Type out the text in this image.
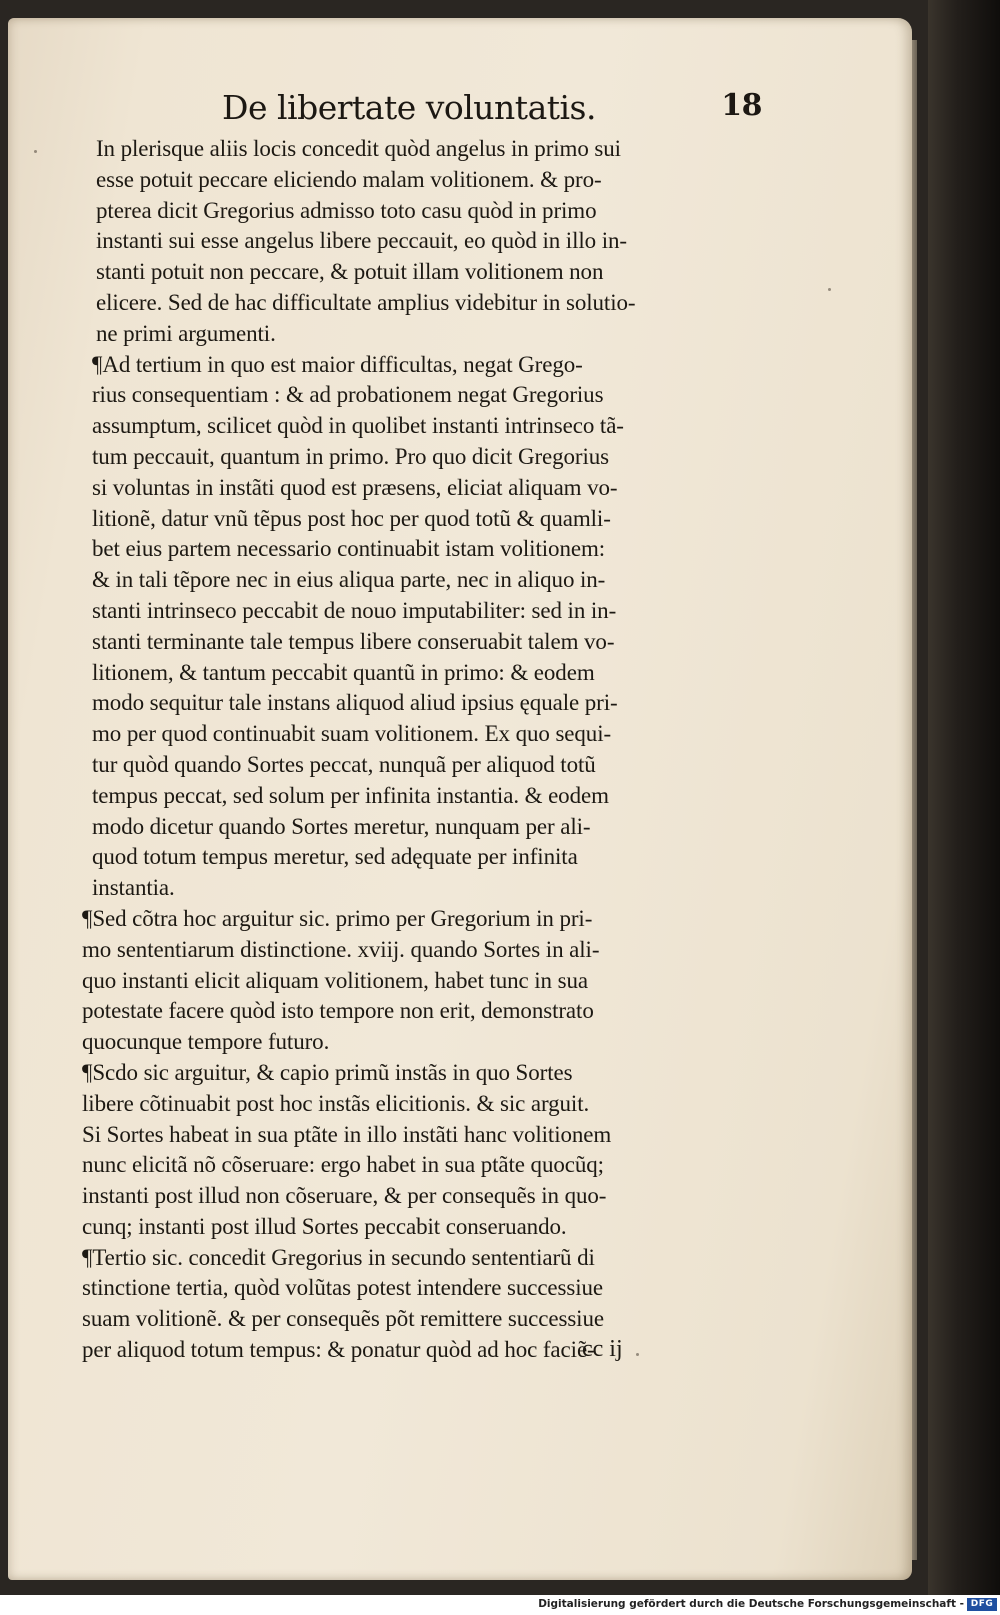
De libertate voluntatis.	18
In plerisque aliis locis concedit quòd angelus in primo sui
esse potuit peccare eliciendo malam volitionem. & pro-
pterea dicit Gregorius admisso toto casu quòd in primo
instanti sui esse angelus libere peccauit, eo quòd in illo in-
stanti potuit non peccare, & potuit illam volitionem non
elicere. Sed de hac difficultate amplius videbitur in solutio-
ne primi argumenti.
¶Ad tertium in quo est maior difficultas, negat Grego-
rius consequentiam : & ad probationem negat Gregorius
assumptum, scilicet quòd in quolibet instanti intrinseco tã-
tum peccauit, quantum in primo. Pro quo dicit Gregorius
si voluntas in instãti quod est præsens, eliciat aliquam vo-
litionẽ, datur vnũ tẽpus post hoc per quod totũ & quamli-
bet eius partem necessario continuabit istam volitionem:
& in tali tẽpore nec in eius aliqua parte, nec in aliquo in-
stanti intrinseco peccabit de nouo imputabiliter: sed in in-
stanti terminante tale tempus libere conseruabit talem vo-
litionem, & tantum peccabit quantũ in primo: & eodem
modo sequitur tale instans aliquod aliud ipsius ęquale pri-
mo per quod continuabit suam volitionem. Ex quo sequi-
tur quòd quando Sortes peccat, nunquã per aliquod totũ
tempus peccat, sed solum per infinita instantia. & eodem
modo dicetur quando Sortes meretur, nunquam per ali-
quod totum tempus meretur, sed adęquate per infinita
instantia.
¶Sed cõtra hoc arguitur sic. primo per Gregorium in pri-
mo sententiarum distinctione. xviij. quando Sortes in ali-
quo instanti elicit aliquam volitionem, habet tunc in sua
potestate facere quòd isto tempore non erit, demonstrato
quocunque tempore futuro.
¶Scdo sic arguitur, & capio primũ instãs in quo Sortes
libere cõtinuabit post hoc instãs elicitionis. & sic arguit.
Si Sortes habeat in sua ptãte in illo instãti hanc volitionem
nunc elicitã nõ cõseruare: ergo habet in sua ptãte quocũq;
instanti post illud non cõseruare, & per consequẽs in quo-
cunq; instanti post illud Sortes peccabit conseruando.
¶Tertio sic. concedit Gregorius in secundo sententiarũ di
stinctione tertia, quòd volũtas potest intendere successiue
suam volitionẽ. & per consequẽs põt remittere successiue
per aliquod totum tempus: & ponatur quòd ad hoc faciẽ-
cc ij
Digitalisierung gefördert durch die Deutsche Forschungsgemeinschaft - DFG
